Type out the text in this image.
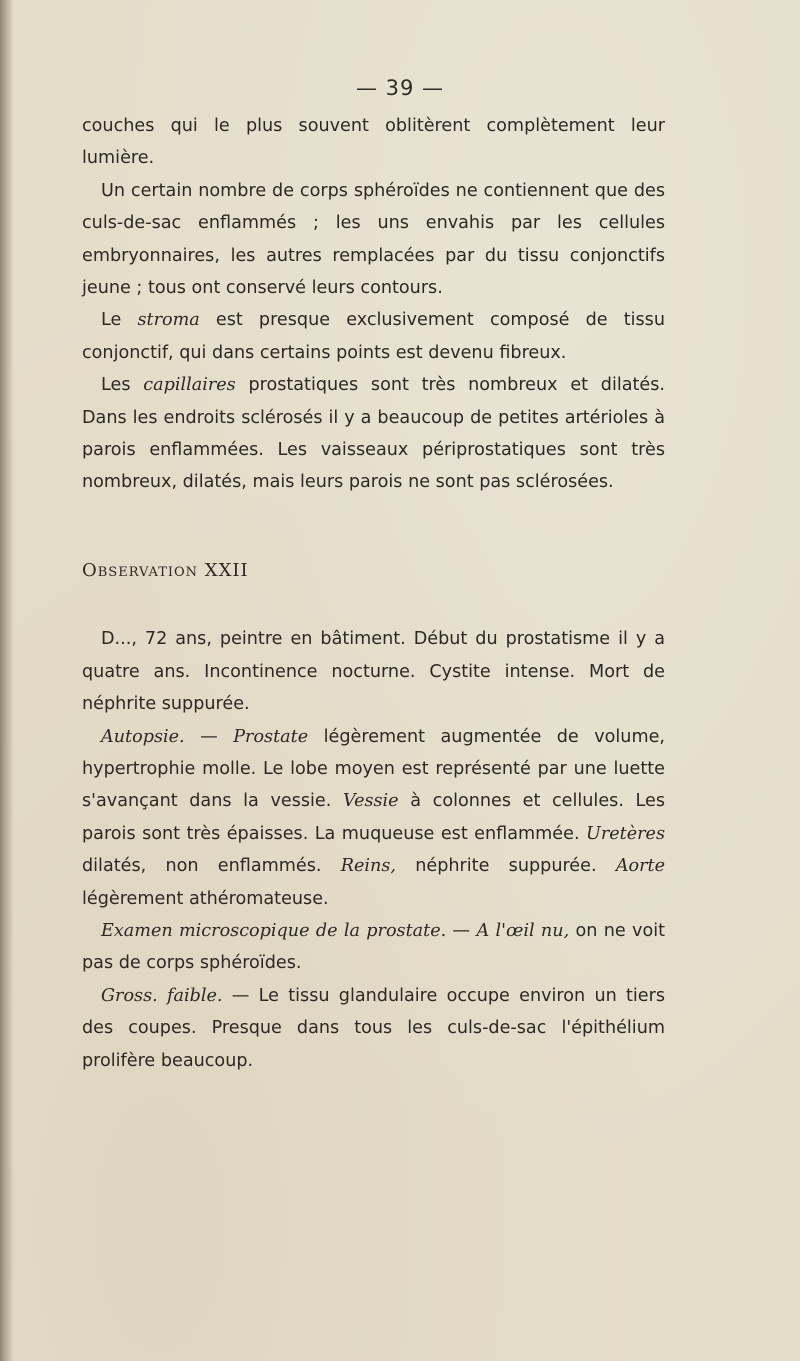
— 39 —

couches qui le plus souvent oblitèrent complètement leur lumière.

Un certain nombre de corps sphéroïdes ne contiennent que des culs-de-sac enflammés ; les uns envahis par les cellules embryonnaires, les autres remplacées par du tissu conjonctifs jeune ; tous ont conservé leurs contours.

Le stroma est presque exclusivement composé de tissu conjonctif, qui dans certains points est devenu fibreux.

Les capillaires prostatiques sont très nombreux et dilatés. Dans les endroits sclérosés il y a beaucoup de petites artérioles à parois enflammées. Les vaisseaux périprostatiques sont très nombreux, dilatés, mais leurs parois ne sont pas sclérosées.

Observation XXII

D..., 72 ans, peintre en bâtiment. Début du prostatisme il y a quatre ans. Incontinence nocturne. Cystite intense. Mort de néphrite suppurée.

Autopsie. — Prostate légèrement augmentée de volume, hypertrophie molle. Le lobe moyen est représenté par une luette s'avançant dans la vessie. Vessie à colonnes et cellules. Les parois sont très épaisses. La muqueuse est enflammée. Uretères dilatés, non enflammés. Reins, néphrite suppurée. Aorte légèrement athéromateuse.

Examen microscopique de la prostate. — A l'œil nu, on ne voit pas de corps sphéroïdes.

Gross. faible. — Le tissu glandulaire occupe environ un tiers des coupes. Presque dans tous les culs-de-sac l'épithélium prolifère beaucoup.
